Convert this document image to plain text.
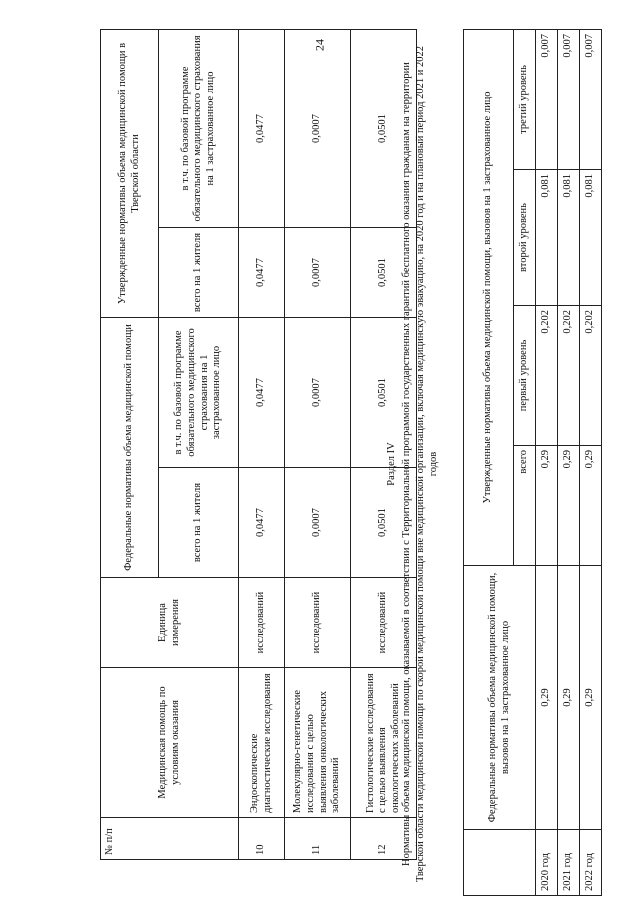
24
№ п/п	Медицинская помощь по условиям оказания	Единица измерения	Федеральные нормативы объема медицинской помощи		Утвержденные нормативы объема медицинской помощи в Тверской области	
			всего на 1 жителя	в т.ч. по базовой программе обязательного медицинского страхования на 1 застрахованное лицо	всего на 1 жителя	в т.ч. по базовой программе обязательного медицинского страхования на 1 застрахованное лицо
10	Эндоскопические диагностические исследования	исследований	0,0477	0,0477	0,0477	0,0477
11	Молекулярно-генетические исследования с целью выявления онкологических заболеваний	исследований	0,0007	0,0007	0,0007	0,0007
12	Гистологические исследования с целью выявления онкологических заболеваний	исследований	0,0501	0,0501	0,0501	0,0501
Раздел IV Нормативы объема медицинской помощи, оказываемой в соответствии с Территориальной программой государственных гарантий бесплатного оказания гражданам на территории Тверской области медицинской помощи по скорой медицинской помощи вне медицинской организации, включая медицинскую эвакуацию, на 2020 год и на плановый период 2021 и 2022 годов
	Федеральные нормативы объема медицинской помощи, вызовов на 1 застрахованное лицо	Утвержденные нормативы объема медицинской помощи, вызовов на 1 застрахованное лицо			
		всего	первый уровень	второй уровень	третий уровень
2020 год	0,29	0,29	0,202	0,081	0,007
2021 год	0,29	0,29	0,202	0,081	0,007
2022 год	0,29	0,29	0,202	0,081	0,007
